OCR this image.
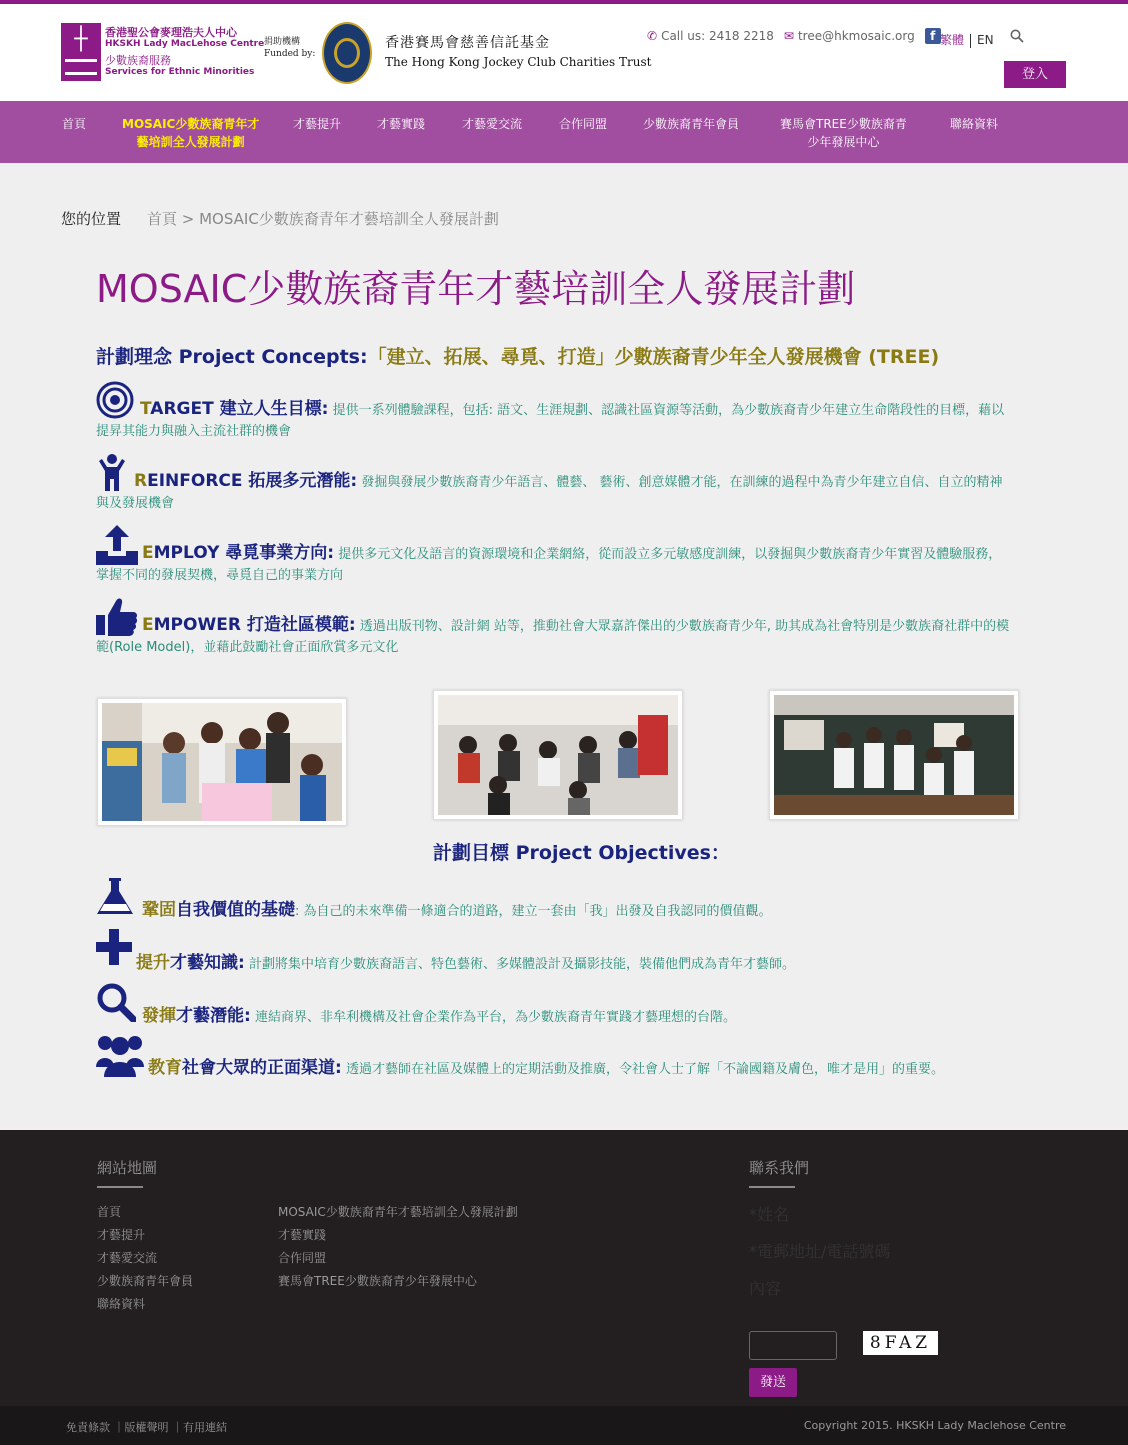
┼	香港聖公會麥理浩夫人中心
HKSKH Lady MacLehose Centre
少數族裔服務
Services for Ethnic Minorities
捐助機構
Funded by:
香港賽馬會慈善信託基金
The Hong Kong Jockey Club Charities Trust
✆ Call us: 2418 2218 ✉ tree@hkmosaic.org	f 繁體 EN
登入
首頁	MOSAIC少數族裔青年才
藝培訓全人發展計劃
才藝提升	才藝實踐	才藝愛交流	合作同盟	少數族裔青年會員	賽馬會TREE少數族裔青
少年發展中心
聯絡資料
您的位置 首頁 > MOSAIC少數族裔青年才藝培訓全人發展計劃
MOSAIC少數族裔青年才藝培訓全人發展計劃
計劃理念 Project Concepts:「建立、拓展、尋覓、打造」少數族裔青少年全人發展機會 (TREE)
TARGET 建立人生目標: 提供一系列體驗課程，包括: 語文、生涯規劃、認識社區資源等活動，為少數族裔青少年建立生命階段性的目標，藉以
提昇其能力與融入主流社群的機會
REINFORCE 拓展多元潛能: 發掘與發展少數族裔青少年語言、體藝、 藝術、創意媒體才能，在訓練的過程中為青少年建立自信、自立的精神
與及發展機會
EMPLOY 尋覓事業方向: 提供多元文化及語言的資源環境和企業網絡，從而設立多元敏感度訓練，以發掘與少數族裔青少年實習及體驗服務，
掌握不同的發展契機，尋覓自己的事業方向
EMPOWER 打造社區模範: 透過出版刊物、設計網 站等，推動社會大眾嘉許傑出的少數族裔青少年, 助其成為社會特別是少數族裔社群中的模
範(Role Model)，並藉此鼓勵社會正面欣賞多元文化
計劃目標 Project Objectives：
鞏固自我價值的基礎: 為自己的未來準備一條適合的道路，建立一套由「我」出發及自我認同的價值觀。
提升才藝知識: 計劃將集中培育少數族裔語言、特色藝術、多媒體設計及攝影技能，裝備他們成為青年才藝師。
發揮才藝潛能: 連結商界、非牟利機構及社會企業作為平台，為少數族裔青年實踐才藝理想的台階。
教育社會大眾的正面渠道: 透過才藝師在社區及媒體上的定期活動及推廣，令社會人士了解「不論國籍及膚色，唯才是用」的重要。
網站地圖	聯系我們
首頁
才藝提升
才藝愛交流
少數族裔青年會員
聯絡資料
MOSAIC少數族裔青年才藝培訓全人發展計劃
才藝實踐
合作同盟
賽馬會TREE少數族裔青少年發展中心
*姓名
*電郵地址/電話號碼
內容
8FAZ
發送
免責條款 ｜版權聲明 ｜有用連結	Copyright 2015. HKSKH Lady Maclehose Centre
